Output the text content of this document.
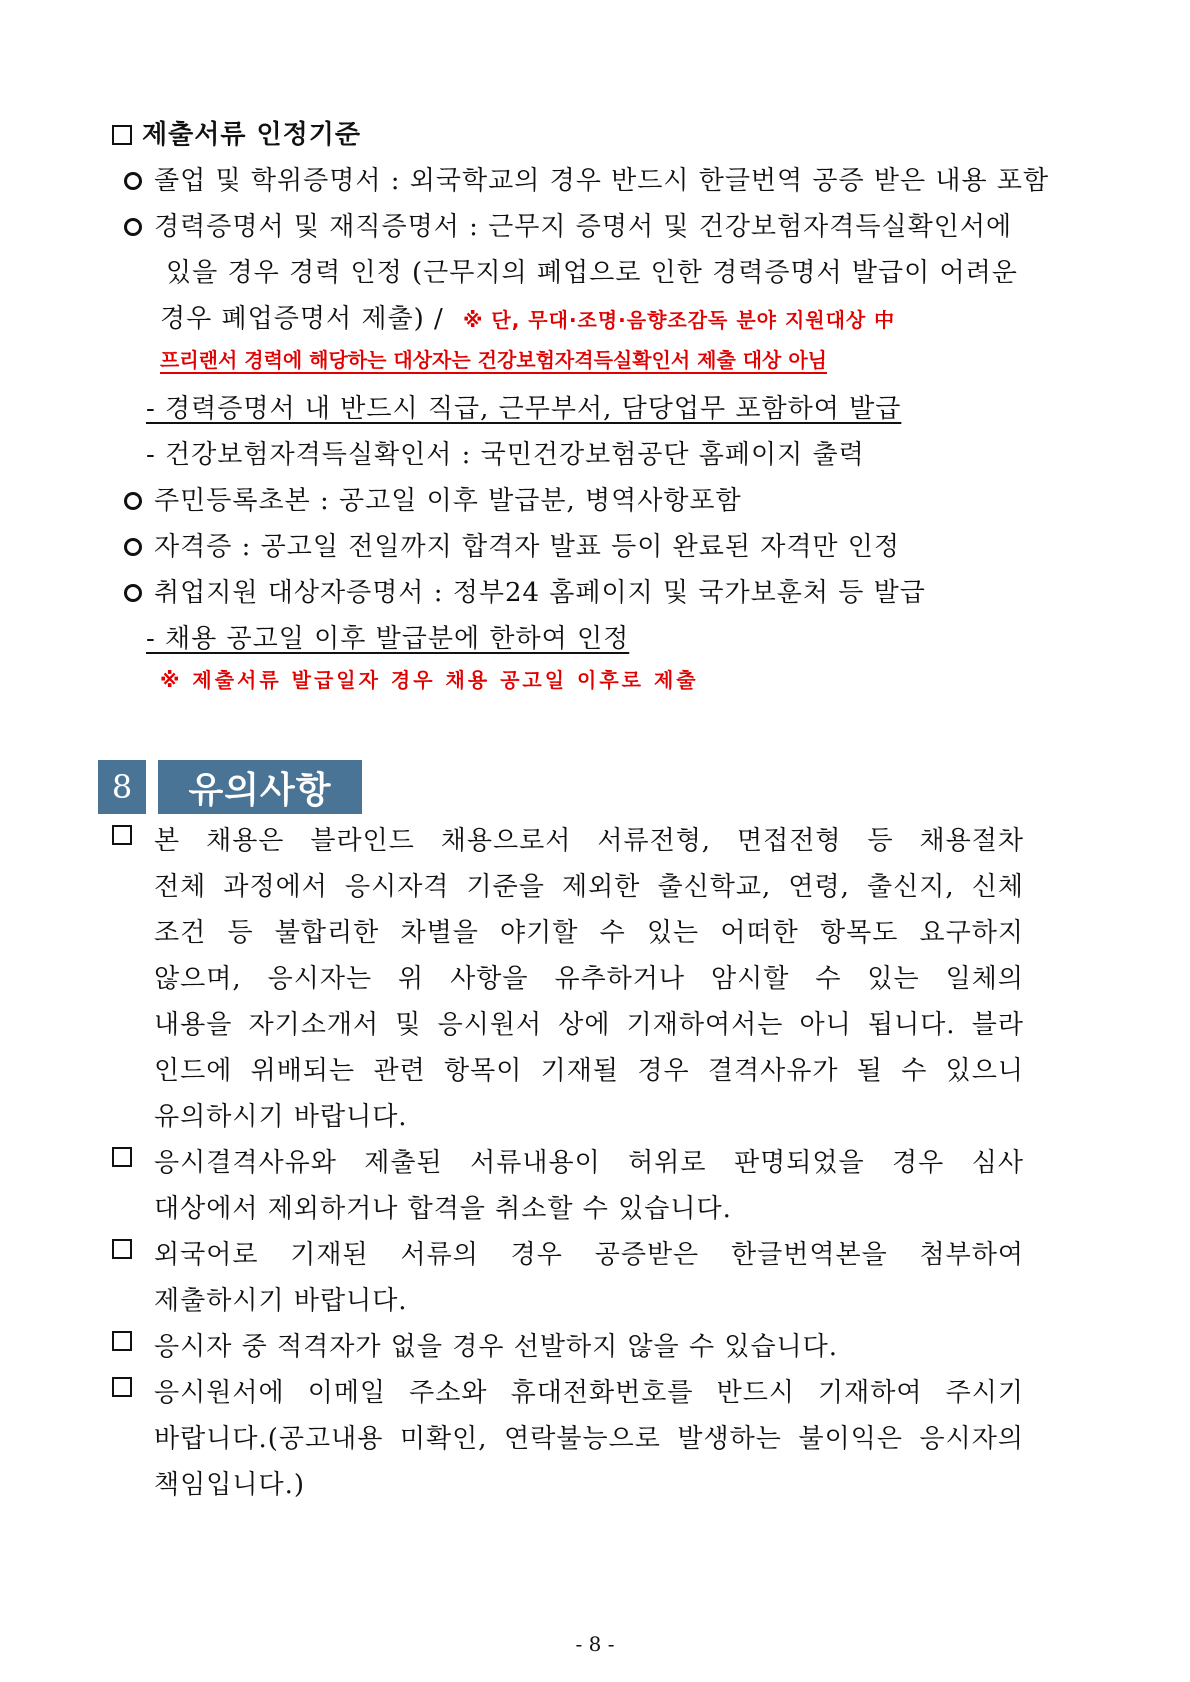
제출서류 인정기준
졸업 및 학위증명서 : 외국학교의 경우 반드시 한글번역 공증 받은 내용 포함
경력증명서 및 재직증명서 : 근무지 증명서 및 건강보험자격득실확인서에
있을 경우 경력 인정 (근무지의 폐업으로 인한 경력증명서 발급이 어려운
경우 폐업증명서 제출) / ※ 단, 무대·조명·음향조감독 분야 지원대상 中
프리랜서 경력에 해당하는 대상자는 건강보험자격득실확인서 제출 대상 아님
- 경력증명서 내 반드시 직급, 근무부서, 담당업무 포함하여 발급
- 건강보험자격득실확인서 : 국민건강보험공단 홈페이지 출력
주민등록초본 : 공고일 이후 발급분, 병역사항포함
자격증 : 공고일 전일까지 합격자 발표 등이 완료된 자격만 인정
취업지원 대상자증명서 : 정부24 홈페이지 및 국가보훈처 등 발급
- 채용 공고일 이후 발급분에 한하여 인정
※ 제출서류 발급일자 경우 채용 공고일 이후로 제출
8	유의사항
본 채용은 블라인드 채용으로서 서류전형, 면접전형 등 채용절차
전체 과정에서 응시자격 기준을 제외한 출신학교, 연령, 출신지, 신체
조건 등 불합리한 차별을 야기할 수 있는 어떠한 항목도 요구하지
않으며, 응시자는 위 사항을 유추하거나 암시할 수 있는 일체의
내용을 자기소개서 및 응시원서 상에 기재하여서는 아니 됩니다. 블라
인드에 위배되는 관련 항목이 기재될 경우 결격사유가 될 수 있으니
유의하시기 바랍니다.
응시결격사유와 제출된 서류내용이 허위로 판명되었을 경우 심사
대상에서 제외하거나 합격을 취소할 수 있습니다.
외국어로 기재된 서류의 경우 공증받은 한글번역본을 첨부하여
제출하시기 바랍니다.
응시자 중 적격자가 없을 경우 선발하지 않을 수 있습니다.
응시원서에 이메일 주소와 휴대전화번호를 반드시 기재하여 주시기
바랍니다.(공고내용 미확인, 연락불능으로 발생하는 불이익은 응시자의
책임입니다.)
- 8 -
